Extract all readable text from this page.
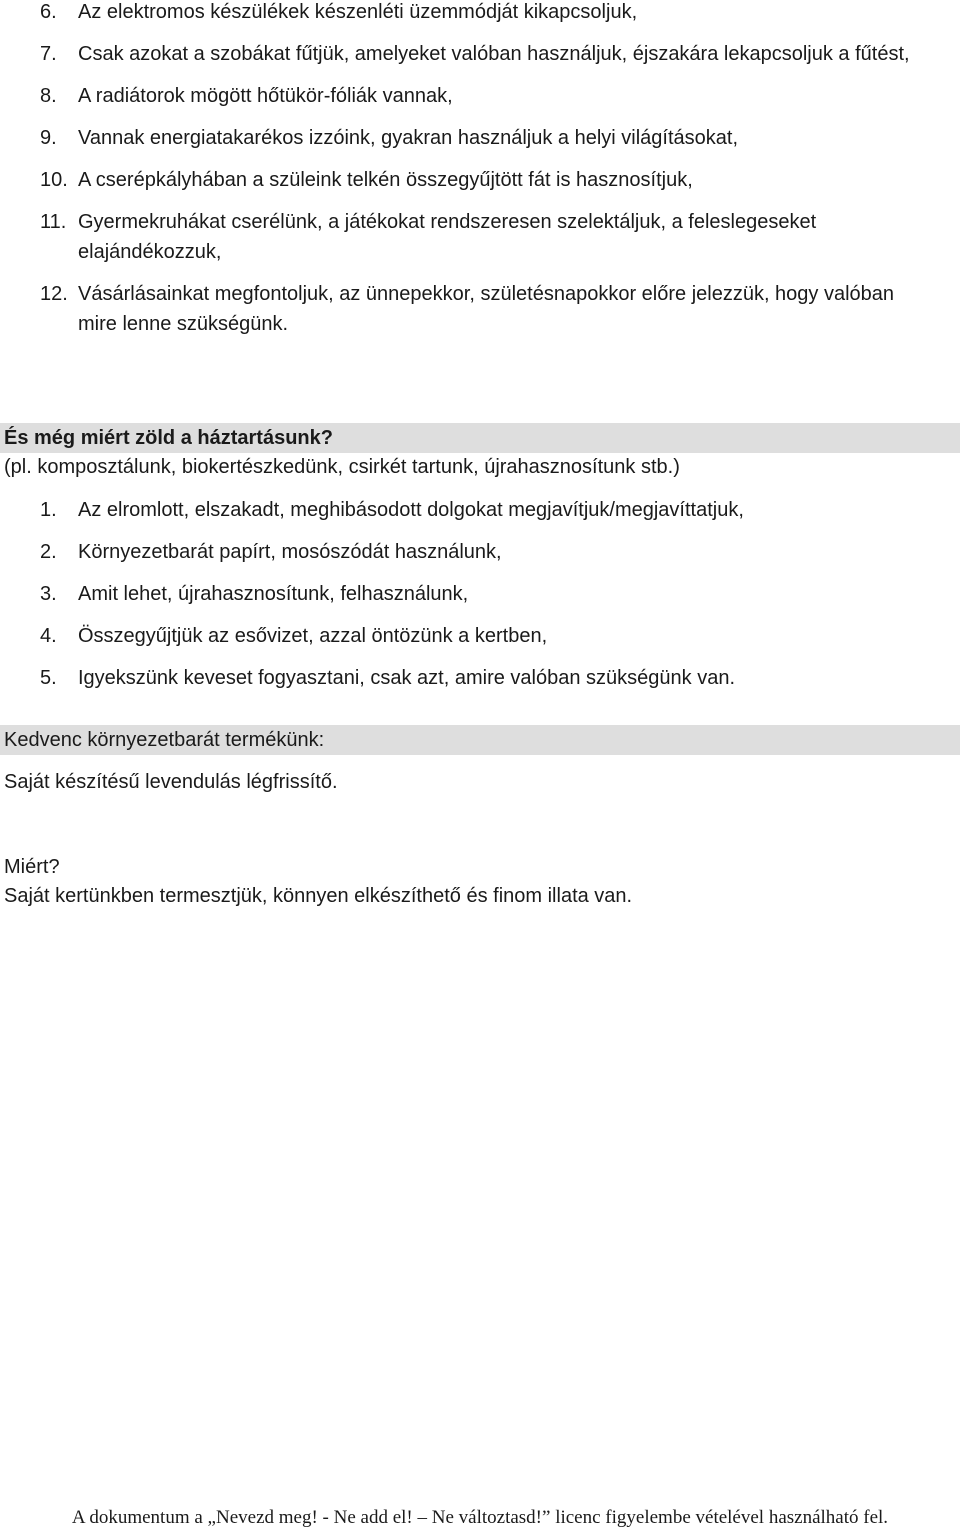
6. Az elektromos készülékek készenléti üzemmódját kikapcsoljuk,
7. Csak azokat a szobákat fűtjük, amelyeket valóban használjuk, éjszakára lekapcsoljuk a fűtést,
8. A radiátorok mögött hőtükör-fóliák vannak,
9. Vannak energiatakarékos izzóink, gyakran használjuk a helyi világításokat,
10. A cserépkályhában a szüleink telkén összegyűjtött fát is hasznosítjuk,
11. Gyermekruhákat cserélünk, a játékokat rendszeresen szelektáljuk, a feleslegeseket elajándékozzuk,
12. Vásárlásainkat megfontoljuk, az ünnepekkor, születésnapokkor előre jelezzük, hogy valóban mire lenne szükségünk.
És még miért zöld a háztartásunk?
(pl. komposztálunk, biokertészkedünk, csirkét tartunk, újrahasznosítunk stb.)
1. Az elromlott, elszakadt, meghibásodott dolgokat megjavítjuk/megjavíttatjuk,
2. Környezetbarát papírt, mosószódát használunk,
3. Amit lehet, újrahasznosítunk, felhasználunk,
4. Összegyűjtjük az esővizet, azzal öntözünk a kertben,
5. Igyekszünk keveset fogyasztani, csak azt, amire valóban szükségünk van.
Kedvenc környezetbarát termékünk:
Saját készítésű levendulás légfrissítő.
Miért?
Saját kertünkben termesztjük, könnyen elkészíthető és finom illata van.
A dokumentum a „Nevezd meg! - Ne add el! – Ne változtasd!” licenc figyelembe vételével használható fel.
